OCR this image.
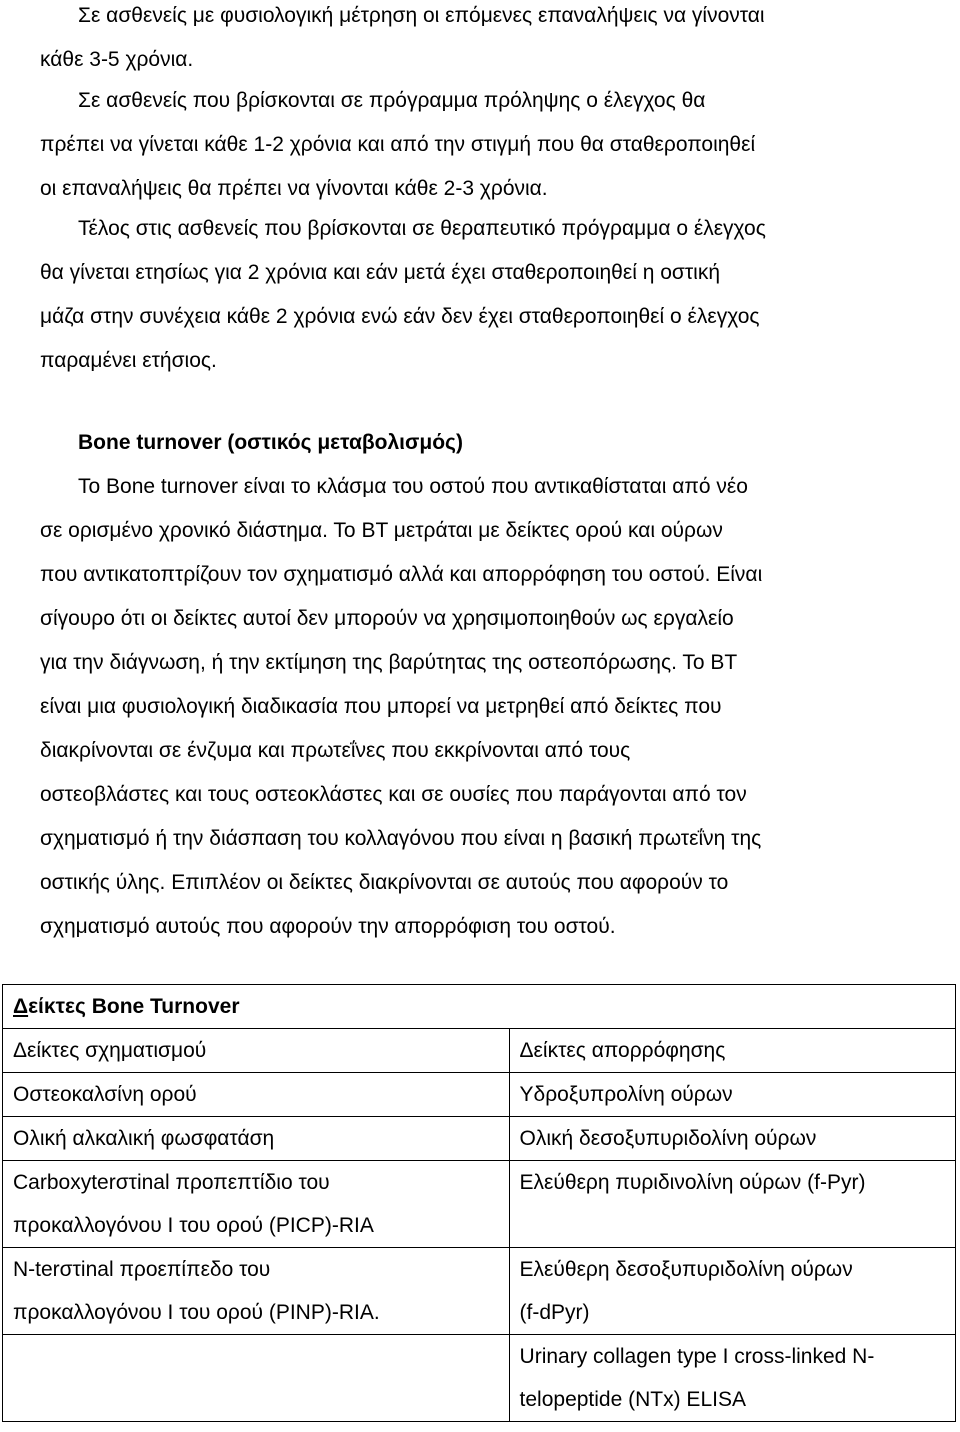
Σε ασθενείς με φυσιολογική μέτρηση οι επόμενες επαναλήψεις να γίνονται
κάθε 3-5 χρόνια.
Σε ασθενείς που βρίσκονται σε πρόγραμμα πρόληψης ο έλεγχος θα
πρέπει να γίνεται κάθε 1-2 χρόνια και από την στιγμή που θα σταθεροποιηθεί
οι επαναλήψεις θα πρέπει να γίνονται κάθε 2-3 χρόνια.
Τέλος στις ασθενείς που βρίσκονται σε θεραπευτικό πρόγραμμα ο έλεγχος
θα γίνεται ετησίως για 2 χρόνια και εάν μετά έχει σταθεροποιηθεί η οστική
μάζα στην συνέχεια κάθε 2 χρόνια ενώ εάν δεν έχει σταθεροποιηθεί ο έλεγχος
παραμένει ετήσιος.
Bone turnover (οστικός μεταβολισμός)
Το Bone turnover είναι το κλάσμα του οστού που αντικαθίσταται από νέο
σε ορισμένο χρονικό διάστημα. Το ΒΤ μετράται με δείκτες ορού και ούρων
που αντικατοπτρίζουν τον σχηματισμό αλλά και απορρόφηση του οστού. Είναι
σίγουρο ότι οι δείκτες αυτοί δεν μπορούν να χρησιμοποιηθούν ως εργαλείο
για την διάγνωση, ή την εκτίμηση της βαρύτητας της οστεοπόρωσης. Το ΒΤ
είναι μια φυσιολογική διαδικασία που μπορεί να μετρηθεί από δείκτες που
διακρίνονται σε ένζυμα και πρωτεΐνες που εκκρίνονται από τους
οστεοβλάστες και τους οστεοκλάστες και σε ουσίες που παράγονται από τον
σχηματισμό ή την διάσπαση του κολλαγόνου που είναι η βασική πρωτεΐνη της
οστικής ύλης. Επιπλέον οι δείκτες διακρίνονται σε αυτούς που αφορούν το
σχηματισμό αυτούς που αφορούν την απορρόφιση του οστού.
Δείκτες Bone Turnover	

Δείκτες σχηματισμού	Δείκτες απορρόφησης

Οστεοκαλσίνη ορού	Υδροξυπρολίνη ούρων

Ολική αλκαλική φωσφατάση	Ολική δεσοξυπυριδολίνη ούρων

Carboxyterστinal προπεπτίδιο του
προκαλλογόνου Ι του ορού (PICP)-RIA	Ελεύθερη πυριδινολίνη ούρων (f-Pyr)

N-terστinal προεπίπεδο του
προκαλλογόνου Ι του ορού (PINP)-RIA.	Ελεύθερη δεσοξυπυριδολίνη ούρων
(f-dPyr)

	Urinary collagen type I cross-linked N-
telopeptide (NTx) ELISA
